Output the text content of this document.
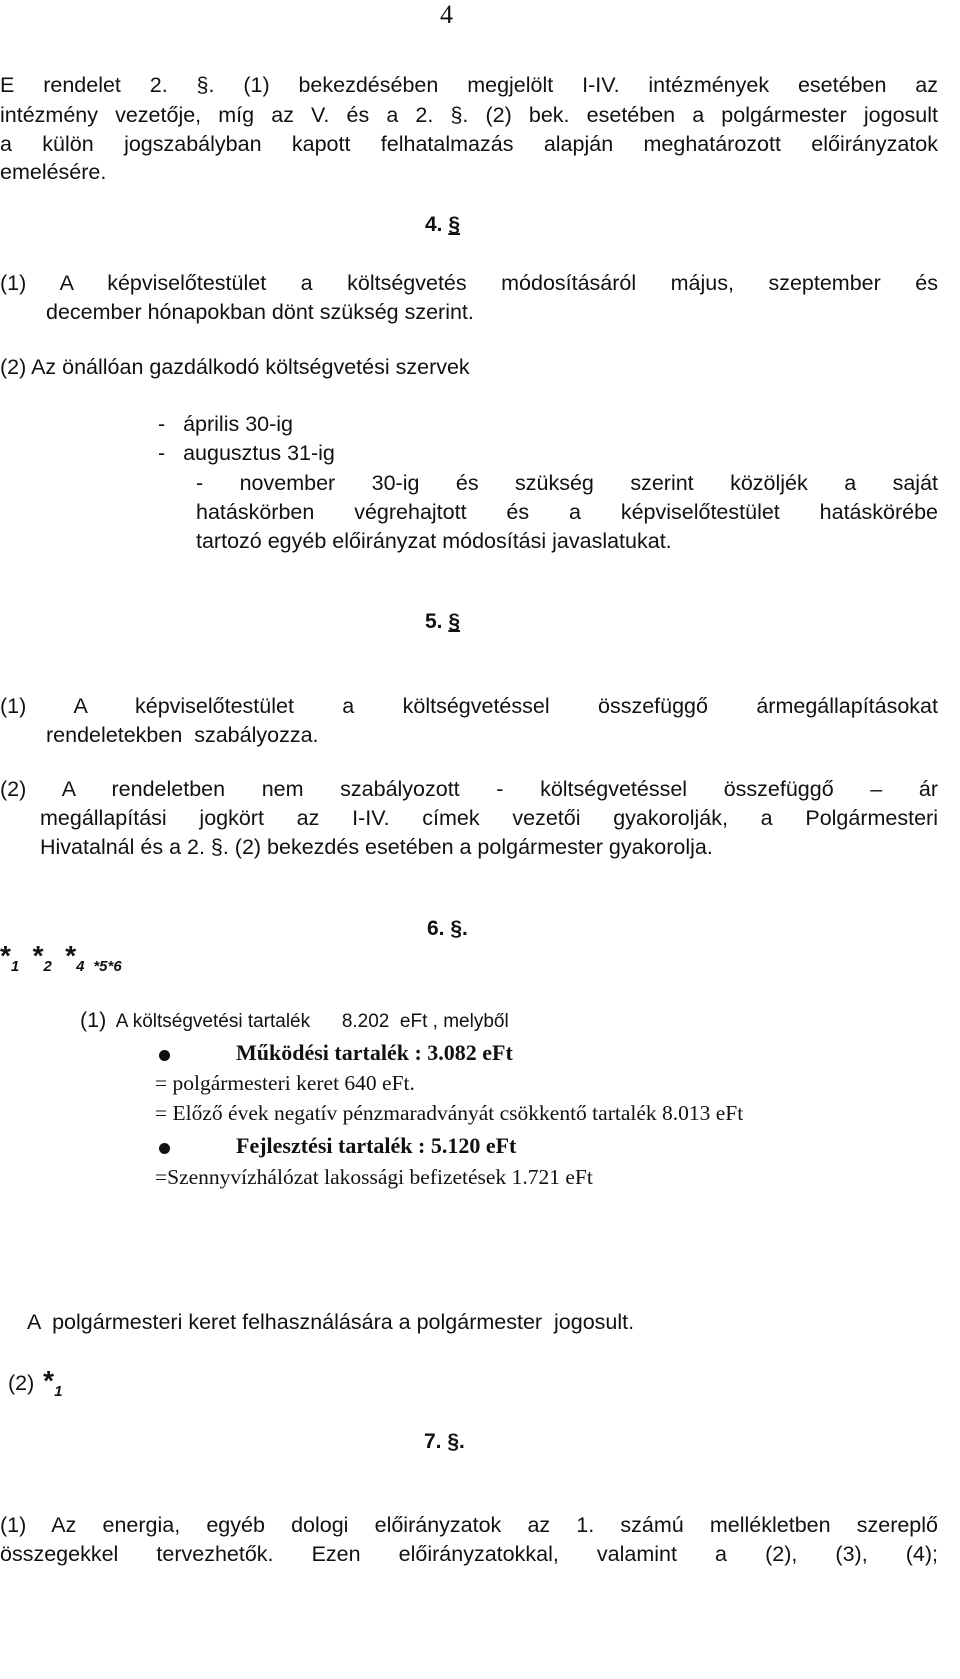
4
E rendelet 2. §. (1) bekezdésében megjelölt I-IV. intézmények esetében az
intézmény vezetője, míg az V. és a 2. §. (2) bek. esetében a polgármester jogosult
a külön jogszabályban kapott felhatalmazás alapján meghatározott előirányzatok
emelésére.
4. §
(1) A képviselőtestület a költségvetés módosításáról május, szeptember és
december hónapokban dönt szükség szerint.
(2) Az önállóan gazdálkodó költségvetési szervek
-   április 30-ig
-   augusztus 31-ig
- november 30-ig és szükség szerint közöljék a saját
hatáskörben végrehajtott és a képviselőtestület hatáskörébe
tartozó egyéb előirányzat módosítási javaslatukat.
5. §
(1) A képviselőtestület a költségvetéssel összefüggő ármegállapításokat
rendeletekben  szabályozza.
(2) A rendeletben nem szabályozott - költségvetéssel összefüggő – ár
megállapítási jogkört az I-IV. címek vezetői gyakorolják, a Polgármesteri
Hivatalnál és a 2. §. (2) bekezdés esetében a polgármester gyakorolja.
6. §.
*1 *2 *4 *5*6
(1) A költségvetési tartalék 8.202 eFt , melyből
Működési tartalék : 3.082 eFt
= polgármesteri keret 640 eFt.
= Előző évek negatív pénzmaradványát csökkentő tartalék 8.013 eFt
Fejlesztési tartalék : 5.120 eFt
=Szennyvízhálózat lakossági befizetések 1.721 eFt
A  polgármesteri keret felhasználására a polgármester  jogosult.
(2) *1
7. §.
(1) Az energia, egyéb dologi előirányzatok az 1. számú mellékletben szereplő
összegekkel tervezhetők. Ezen előirányzatokkal, valamint a (2), (3), (4);
